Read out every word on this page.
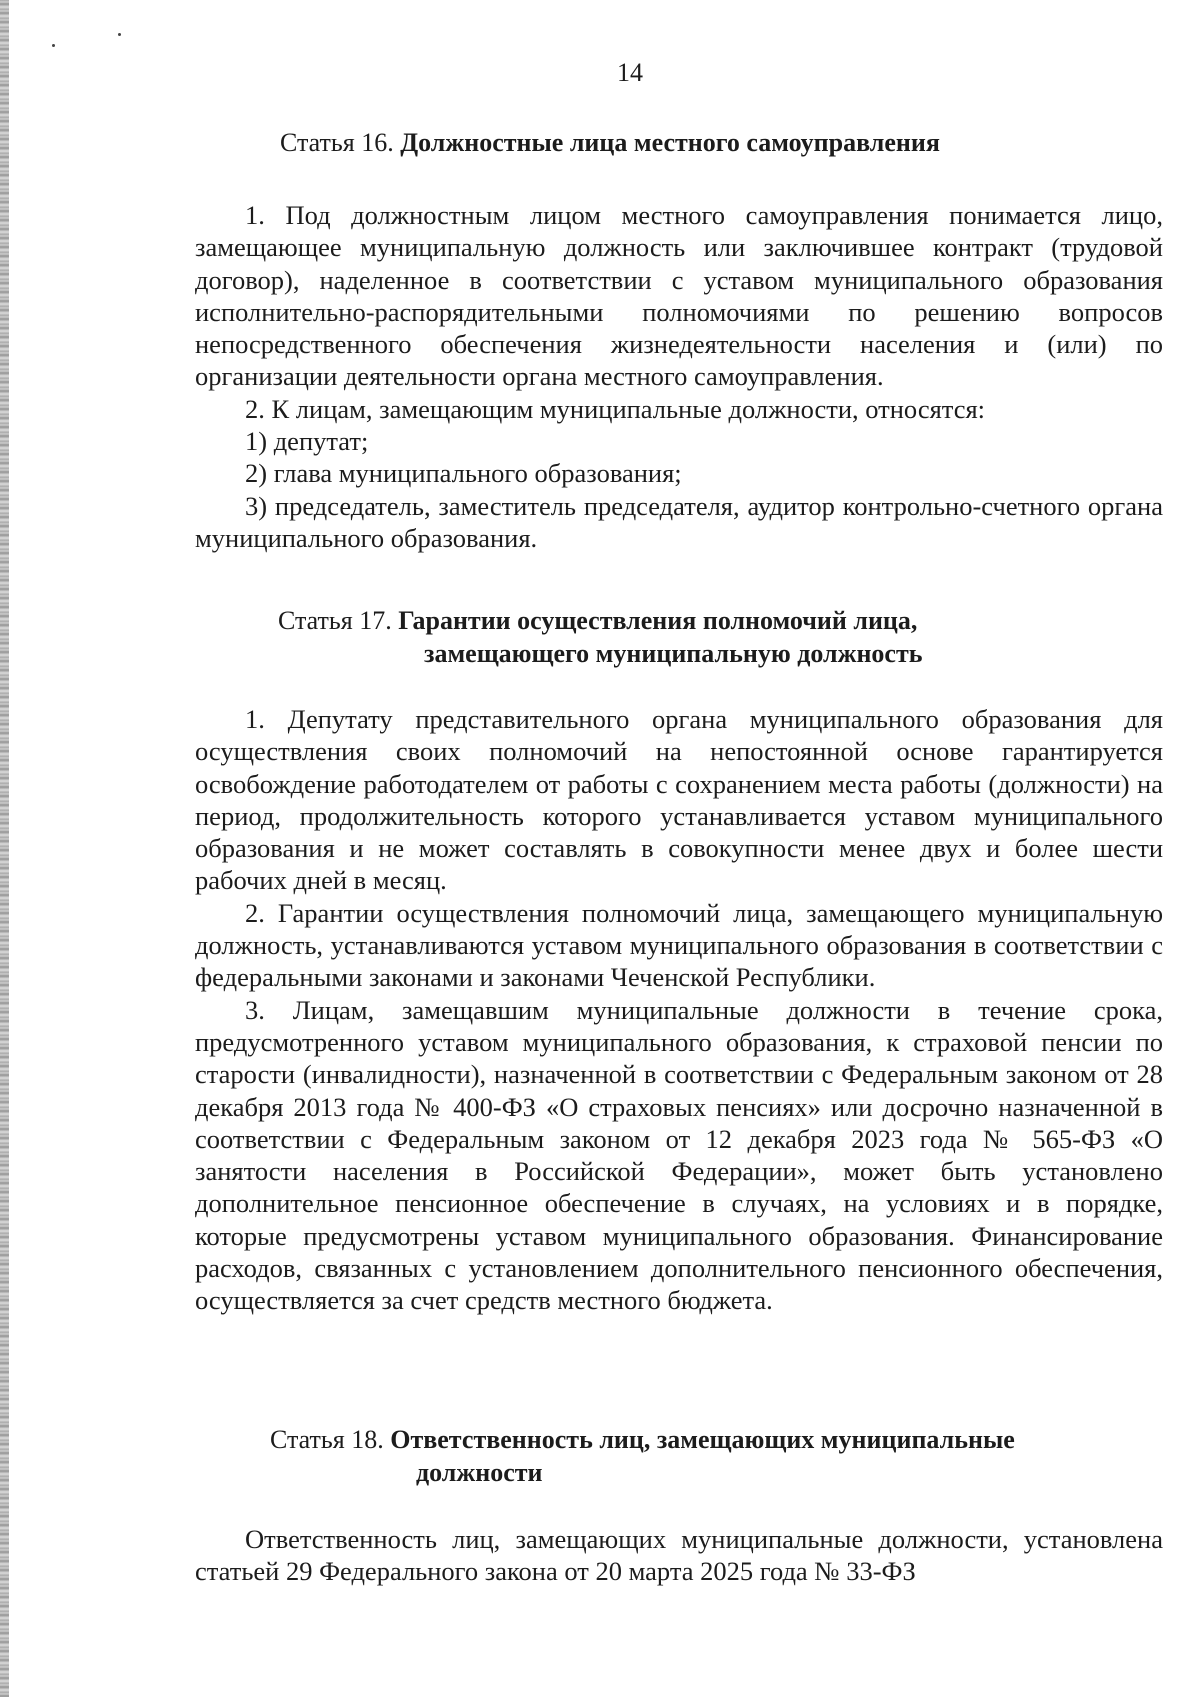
14
Статья 16. Должностные лица местного самоуправления

1. Под должностным лицом местного самоуправления понимается лицо, замещающее муниципальную должность или заключившее контракт (трудовой договор), наделенное в соответствии с уставом муниципального образования исполнительно-распорядительными полномочиями по решению вопросов непосредственного обеспечения жизнедеятельности населения и (или) по организации деятельности органа местного самоуправления.

2. К лицам, замещающим муниципальные должности, относятся:

1) депутат;

2) глава муниципального образования;

3) председатель, заместитель председателя, аудитор контрольно-счетного органа муниципального образования.

Статья 17. Гарантии осуществления полномочий лица,
замещающего муниципальную должность

1. Депутату представительного органа муниципального образования для осуществления своих полномочий на непостоянной основе гарантируется освобождение работодателем от работы с сохранением места работы (должности) на период, продолжительность которого устанавливается уставом муниципального образования и не может составлять в совокупности менее двух и более шести рабочих дней в месяц.

2. Гарантии осуществления полномочий лица, замещающего муниципальную должность, устанавливаются уставом муниципального образования в соответствии с федеральными законами и законами Чеченской Республики.

3. Лицам, замещавшим муниципальные должности в течение срока, предусмотренного уставом муниципального образования, к страховой пенсии по старости (инвалидности), назначенной в соответствии с Федеральным законом от 28 декабря 2013 года № 400-ФЗ «О страховых пенсиях» или досрочно назначенной в соответствии с Федеральным законом от 12 декабря 2023 года № 565-ФЗ «О занятости населения в Российской Федерации», может быть установлено дополнительное пенсионное обеспечение в случаях, на условиях и в порядке, которые предусмотрены уставом муниципального образования. Финансирование расходов, связанных с установлением дополнительного пенсионного обеспечения, осуществляется за счет средств местного бюджета.

Статья 18. Ответственность лиц, замещающих муниципальные
должности

Ответственность лиц, замещающих муниципальные должности, установлена статьей 29 Федерального закона от 20 марта 2025 года № 33-ФЗ
